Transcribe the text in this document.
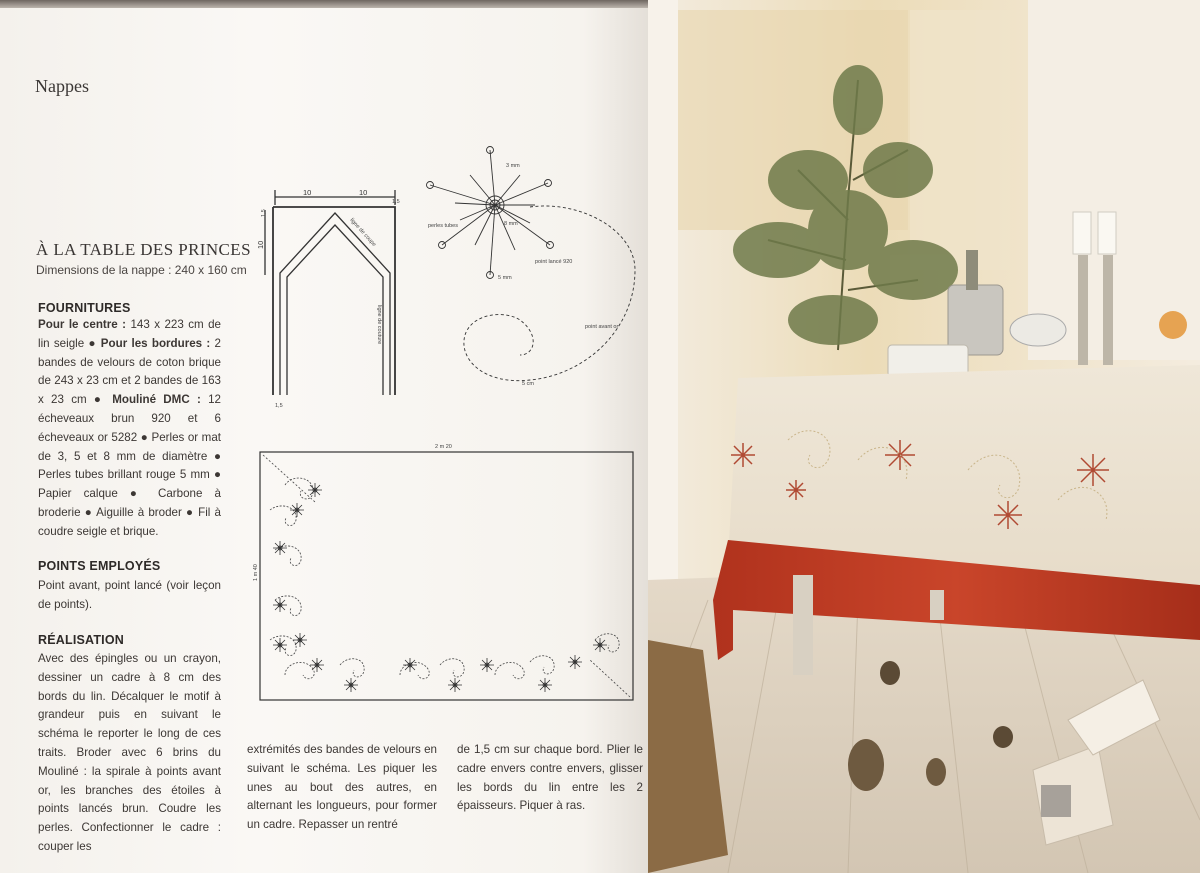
Nappes
À LA TABLE DES PRINCES
Dimensions de la nappe : 240 x 160 cm
FOURNITURES
Pour le centre : 143 x 223 cm de lin seigle ● Pour les bordures : 2 bandes de velours de coton brique de 243 x 23 cm et 2 bandes de 163 x 23 cm ● Mouliné DMC : 12 écheveaux brun 920 et 6 écheveaux or 5282 ● Perles or mat de 3, 5 et 8 mm de diamètre ● Perles tubes brillant rouge 5 mm ● Papier calque ● Carbone à broderie ● Aiguille à broder ● Fil à coudre seigle et brique.
POINTS EMPLOYÉS
Point avant, point lancé (voir leçon de points).
RÉALISATION
Avec des épingles ou un crayon, dessiner un cadre à 8 cm des bords du lin. Décalquer le motif à grandeur puis en suivant le schéma le reporter le long de ces traits. Broder avec 6 brins du Mouliné : la spirale à points avant or, les branches des étoiles à points lancés brun. Coudre les perles. Confectionner le cadre : couper les
extrémités des bandes de velours en suivant le schéma. Les piquer les unes au bout des autres, en alternant les longueurs, pour former un cadre. Repasser un rentré
de 1,5 cm sur chaque bord. Plier le cadre envers contre envers, glisser les bords du lin entre les 2 épaisseurs. Piquer à ras.
10	10
10
1,5
1,5
1,5
ligne de coupe
ligne de couture
3 mm
perles tubes	8 mm
point lancé 920
5 mm
point avant or
5 cm
2 m 20
1 m 40
